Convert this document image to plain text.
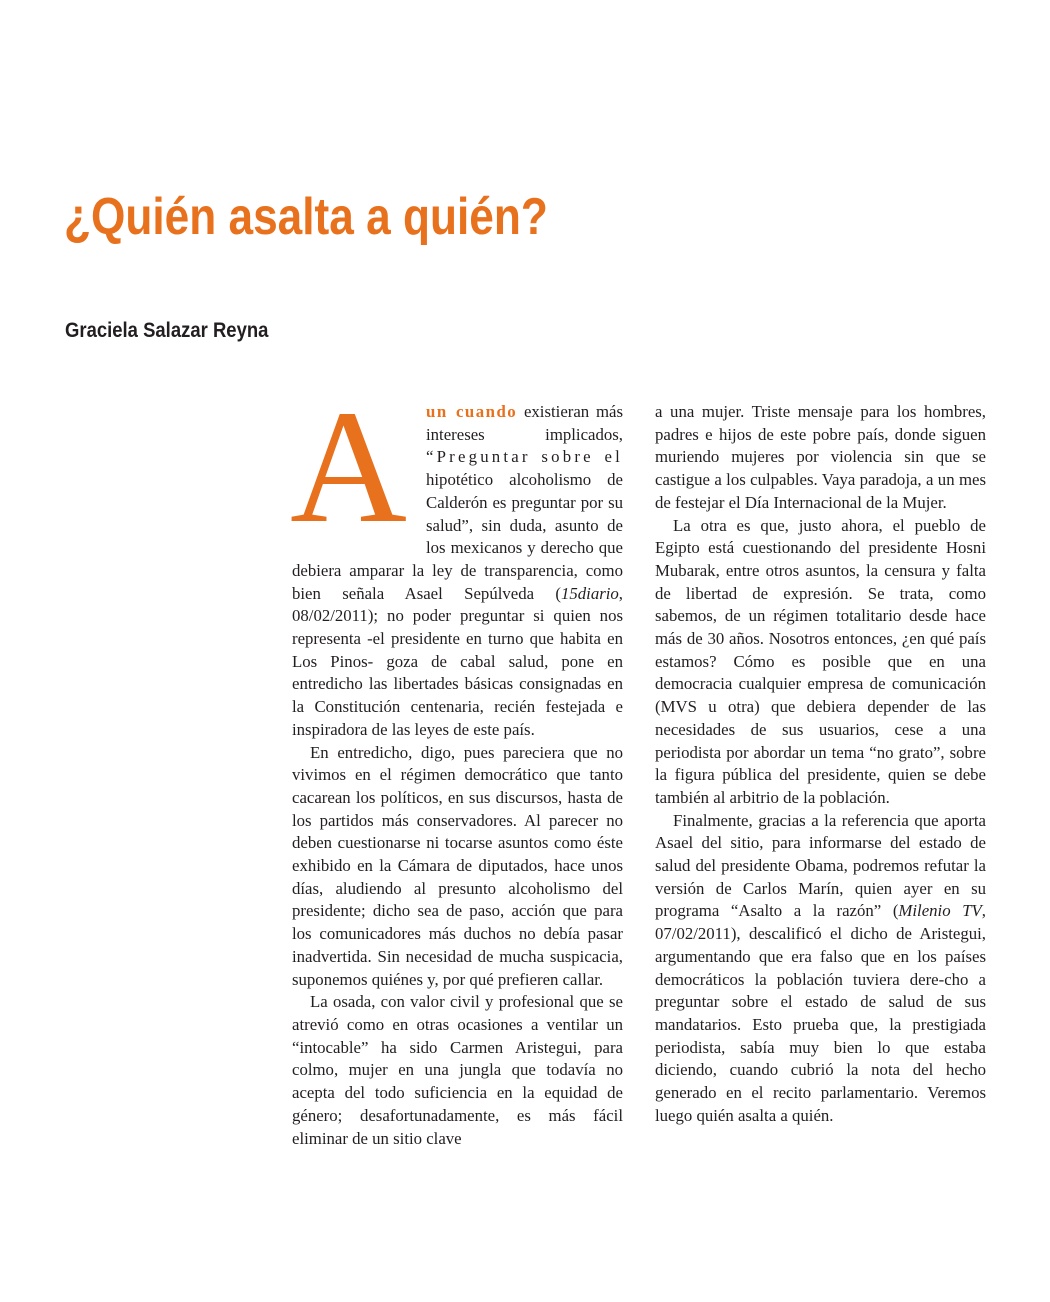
¿Quién asalta a quién?
Graciela Salazar Reyna

A	un cuando existieran más intereses implicados, “Preguntar sobre el hipotético alcoholismo de Calderón es preguntar por su salud”, sin duda, asunto de los mexicanos y derecho que debiera amparar la ley de transparencia, como bien señala Asael Sepúlveda (15diario, 08/02/2011); no poder preguntar si quien nos representa -el presidente en turno que habita en Los Pinos- goza de cabal salud, pone en entredicho las libertades básicas consignadas en la Constitución centenaria, recién festejada e inspiradora de las leyes de este país.

En entredicho, digo, pues pareciera que no vivimos en el régimen democrático que tanto cacarean los políticos, en sus discursos, hasta de los partidos más conservadores. Al parecer no deben cuestionarse ni tocarse asuntos como éste exhibido en la Cámara de diputados, hace unos días, aludiendo al presunto alcoholismo del presidente; dicho sea de paso, acción que para los comunicadores más duchos no debía pasar inadvertida. Sin necesidad de mucha suspicacia, suponemos quiénes y, por qué prefieren callar.

La osada, con valor civil y profesional que se atrevió como en otras ocasiones a ventilar un “intocable” ha sido Carmen Aristegui, para colmo, mujer en una jungla que todavía no acepta del todo suficiencia en la equidad de género; desafortunadamente, es más fácil eliminar de un sitio clave

a una mujer. Triste mensaje para los hombres, padres e hijos de este pobre país, donde siguen muriendo mujeres por violencia sin que se castigue a los culpables. Vaya paradoja, a un mes de festejar el Día Internacional de la Mujer.

La otra es que, justo ahora, el pueblo de Egipto está cuestionando del presidente Hosni Mubarak, entre otros asuntos, la censura y falta de libertad de expresión. Se trata, como sabemos, de un régimen totalitario desde hace más de 30 años. Nosotros entonces, ¿en qué país estamos? Cómo es posible que en una democracia cualquier empresa de comunicación (MVS u otra) que debiera depender de las necesidades de sus usuarios, cese a una periodista por abordar un tema “no grato”, sobre la figura pública del presidente, quien se debe también al arbitrio de la población.

Finalmente, gracias a la referencia que aporta Asael del sitio, para informarse del estado de salud del presidente Obama, podremos refutar la versión de Carlos Marín, quien ayer en su programa “Asalto a la razón” (Milenio TV, 07/02/2011), descalificó el dicho de Aristegui, argumentando que era falso que en los países democráticos la población tuviera dere-cho a preguntar sobre el estado de salud de sus mandatarios. Esto prueba que, la prestigiada periodista, sabía muy bien lo que estaba diciendo, cuando cubrió la nota del hecho generado en el recito parlamentario. Veremos luego quién asalta a quién.
